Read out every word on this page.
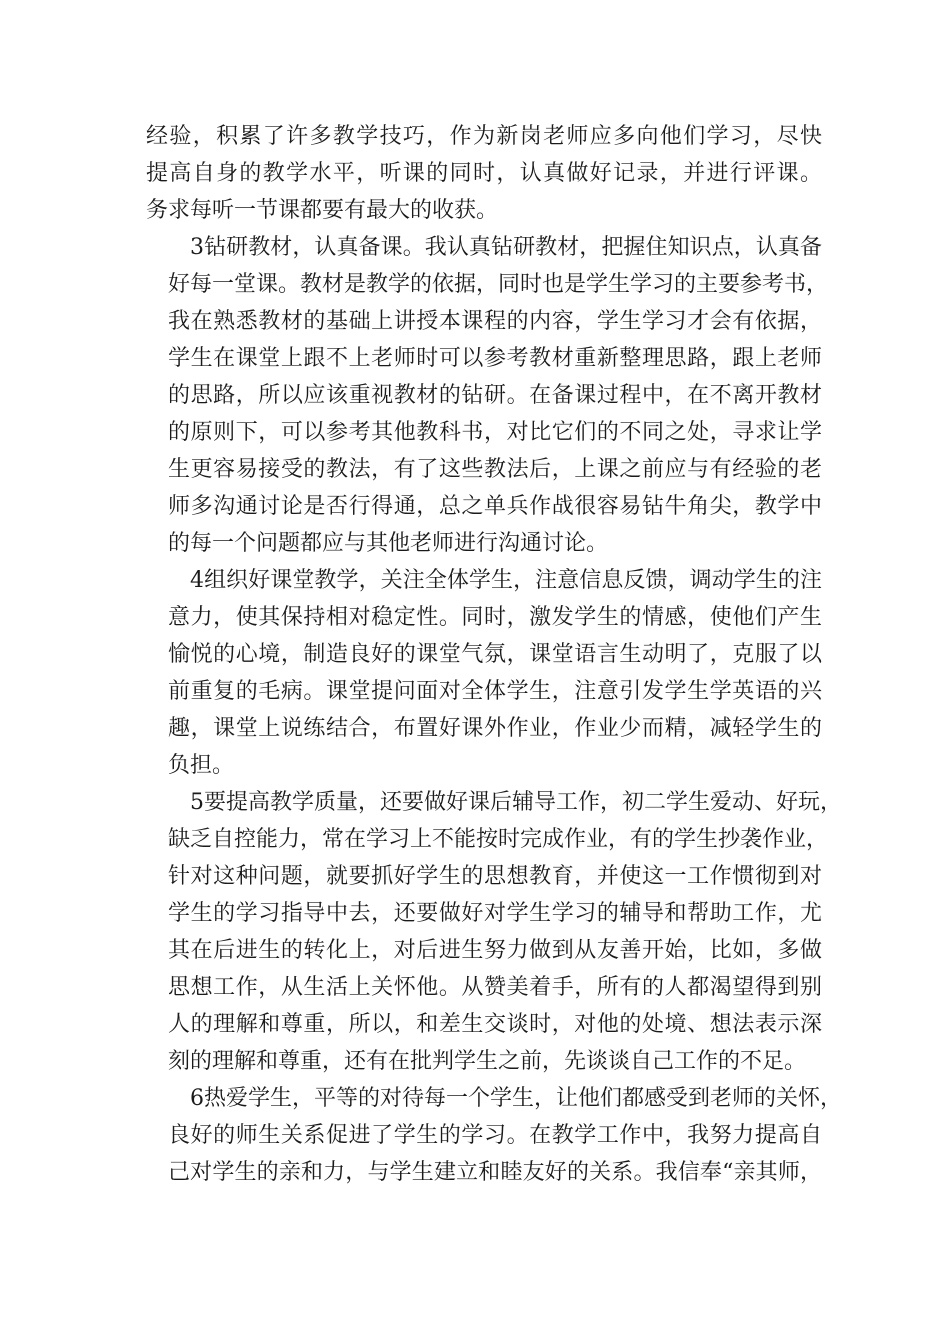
经验，积累了许多教学技巧，作为新岗老师应多向他们学习，尽快
提高自身的教学水平，听课的同时，认真做好记录，并进行评课。
务求每听一节课都要有最大的收获。
3钻研教材，认真备课。我认真钻研教材，把握住知识点，认真备
好每一堂课。教材是教学的依据，同时也是学生学习的主要参考书，
我在熟悉教材的基础上讲授本课程的内容，学生学习才会有依据，
学生在课堂上跟不上老师时可以参考教材重新整理思路，跟上老师
的思路，所以应该重视教材的钻研。在备课过程中，在不离开教材
的原则下，可以参考其他教科书，对比它们的不同之处，寻求让学
生更容易接受的教法，有了这些教法后，上课之前应与有经验的老
师多沟通讨论是否行得通，总之单兵作战很容易钻牛角尖，教学中
的每一个问题都应与其他老师进行沟通讨论。
4组织好课堂教学，关注全体学生，注意信息反馈，调动学生的注
意力，使其保持相对稳定性。同时，激发学生的情感，使他们产生
愉悦的心境，制造良好的课堂气氛，课堂语言生动明了，克服了以
前重复的毛病。课堂提问面对全体学生，注意引发学生学英语的兴
趣，课堂上说练结合，布置好课外作业，作业少而精，减轻学生的
负担。
5要提高教学质量，还要做好课后辅导工作，初二学生爱动、好玩，
缺乏自控能力，常在学习上不能按时完成作业，有的学生抄袭作业，
针对这种问题，就要抓好学生的思想教育，并使这一工作惯彻到对
学生的学习指导中去，还要做好对学生学习的辅导和帮助工作，尤
其在后进生的转化上，对后进生努力做到从友善开始，比如，多做
思想工作，从生活上关怀他。从赞美着手，所有的人都渴望得到别
人的理解和尊重，所以，和差生交谈时，对他的处境、想法表示深
刻的理解和尊重，还有在批判学生之前，先谈谈自己工作的不足。
6热爱学生，平等的对待每一个学生，让他们都感受到老师的关怀，
良好的师生关系促进了学生的学习。在教学工作中，我努力提高自
己对学生的亲和力，与学生建立和睦友好的关系。我信奉“亲其师，
